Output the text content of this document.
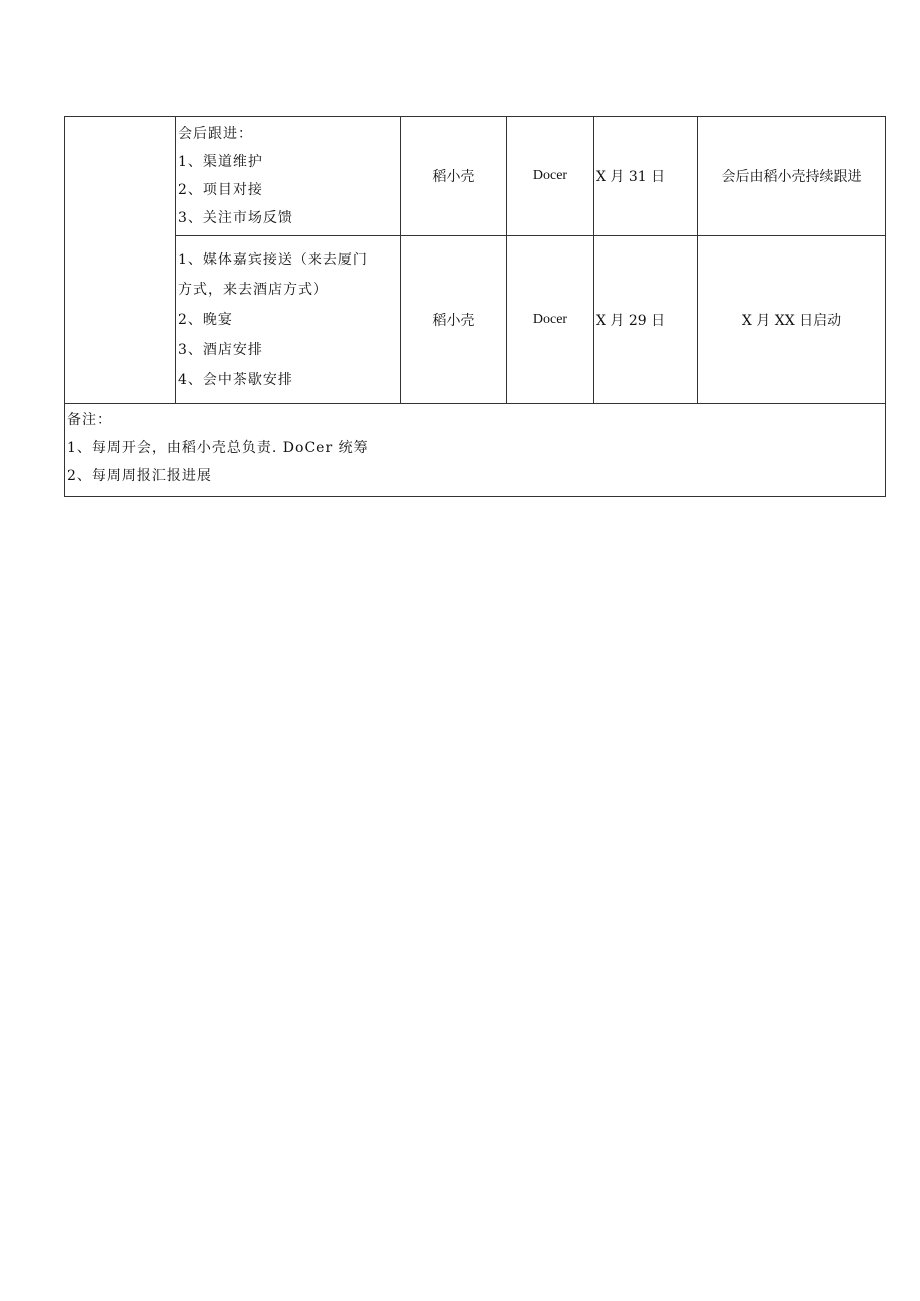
	会后跟进：
1、渠道维护
2、项目对接
3、关注市场反馈	稻小壳	Docer	X 月 31 日	会后由稻小壳持续跟进

	1、媒体嘉宾接送（来去厦门
方式，来去酒店方式）
2、晚宴
3、酒店安排
4、会中茶歇安排	稻小壳	Docer	X 月 29 日	X 月 XX 日启动

备注：
1、每周开会，由稻小壳总负责. DoCer 统筹
2、每周周报汇报进展					
